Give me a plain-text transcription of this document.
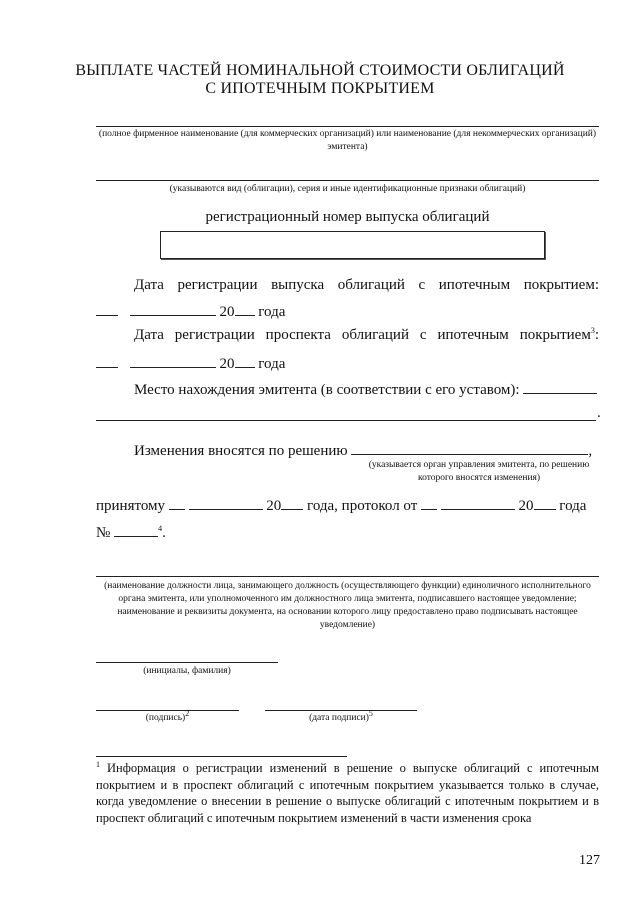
ВЫПЛАТЕ ЧАСТЕЙ НОМИНАЛЬНОЙ СТОИМОСТИ ОБЛИГАЦИЙ
С ИПОТЕЧНЫМ ПОКРЫТИЕМ
(полное фирменное наименование (для коммерческих организаций) или наименование (для некоммерческих организаций) эмитента)
(указываются вид (облигации), серия и иные идентификационные признаки облигаций)
регистрационный номер выпуска облигаций
Дата регистрации выпуска облигаций с ипотечным покрытием:
20 года
Дата регистрации проспекта облигаций с ипотечным покрытием$^3$:
20 года
Место нахождения эмитента (в соответствии с его уставом):
.
Изменения вносятся по решению	,
(указывается орган управления эмитента, по решению которого вносятся изменения)
принятому	20 года, протокол от	20 года
№	$^4$.
(наименование должности лица, занимающего должность (осуществляющего функции) единоличного исполнительного органа эмитента, или уполномоченного им должностного лица эмитента, подписавшего настоящее уведомление; наименование и реквизиты документа, на основании которого лицу предоставлено право подписывать настоящее уведомление)
(инициалы, фамилия)
(подпись)$^2$	(дата подписи)$^5$
$^1$ Информация о регистрации изменений в решение о выпуске облигаций с ипотечным покрытием и в проспект облигаций с ипотечным покрытием указывается только в случае, когда уведомление о внесении в решение о выпуске облигаций с ипотечным покрытием и в проспект облигаций с ипотечным покрытием изменений в части изменения срока
127
